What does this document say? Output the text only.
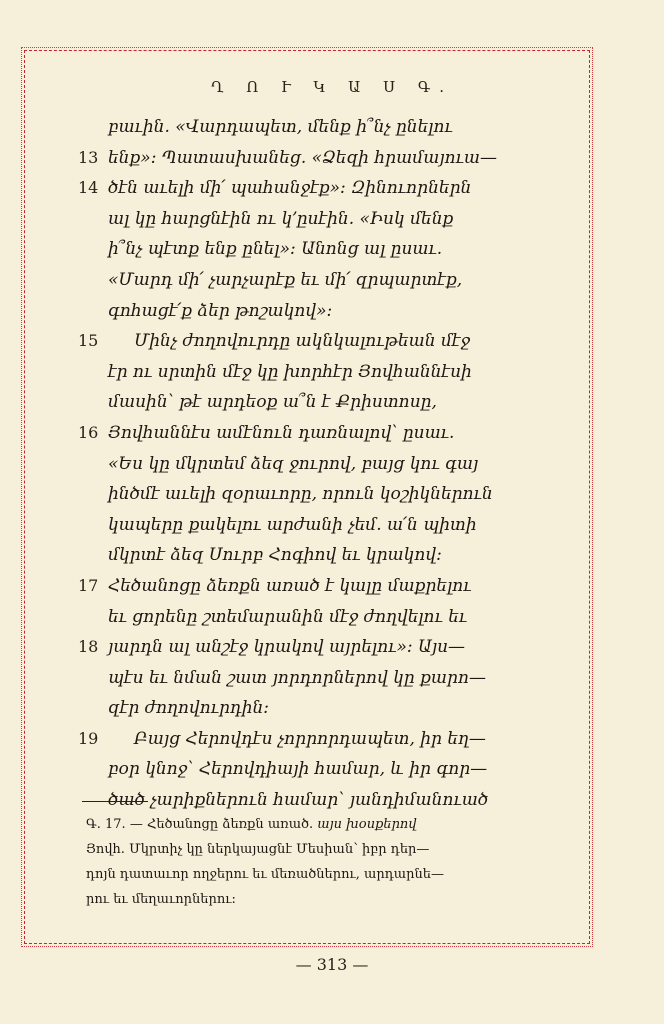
Ղ Ո Ւ Կ Ա Ս Գ.
բաւին. «Վարդապետ, մենք ի՞նչ ընելու
13 ենք»։ Պատասխանեց. «Ձեզի հրամայուա—
14 ծէն աւելի մի՛ պահանջէք»։ Զինուորներն
ալ կը հարցնէին ու կ՚ըսէին. «Իսկ մենք
ի՞նչ պէտք ենք ընել»։ Անոնց ալ ըսաւ.
«Մարդ մի՛ չարչարէք եւ մի՛ զրպարտէք,
գոհացէ՛ք ձեր թոշակով»։
15	Մինչ ժողովուրդը ակնկալութեան մէջ
էր ու սրտին մէջ կը խորհէր Յովհաննէսի
մասին՝ թէ արդեօք ա՞ն է Քրիստոսը,
16 Յովհաննէս ամէնուն դառնալով՝ ըսաւ.
«Ես կը մկրտեմ ձեզ ջուրով, բայց կու գայ
ինծմէ աւելի զօրաւորը, որուն կօշիկներուն
կապերը քակելու արժանի չեմ. ա՛ն պիտի
մկրտէ ձեզ Սուրբ Հոգիով եւ կրակով։
17 Հեծանոցը ձեռքն առած է կալը մաքրելու
եւ ցորենը շտեմարանին մէջ ժողվելու եւ
18 յարդն ալ անշէջ կրակով այրելու»։ Այս—
պէս եւ նման շատ յորդորներով կը քարո—
զէր ժողովուրդին։
19	Բայց Հերովդէս չորրորդապետ, իր եղ—
բօր կնոջ՝ Հերովդիայի համար, և իր գոր—
ծած չարիքներուն համար՝ յանդիմանուած
Գ. 17. — Հեծանոցը ձեռքն առած. այս խօսքերով
Յովհ. Մկրտիչ կը ներկայացնէ Մեսիան՝ իբր դեր—
դոյն դատաւոր ողջերու եւ մեռածներու, արդարնե—
րու եւ մեղաւորներու։
— 313 —
